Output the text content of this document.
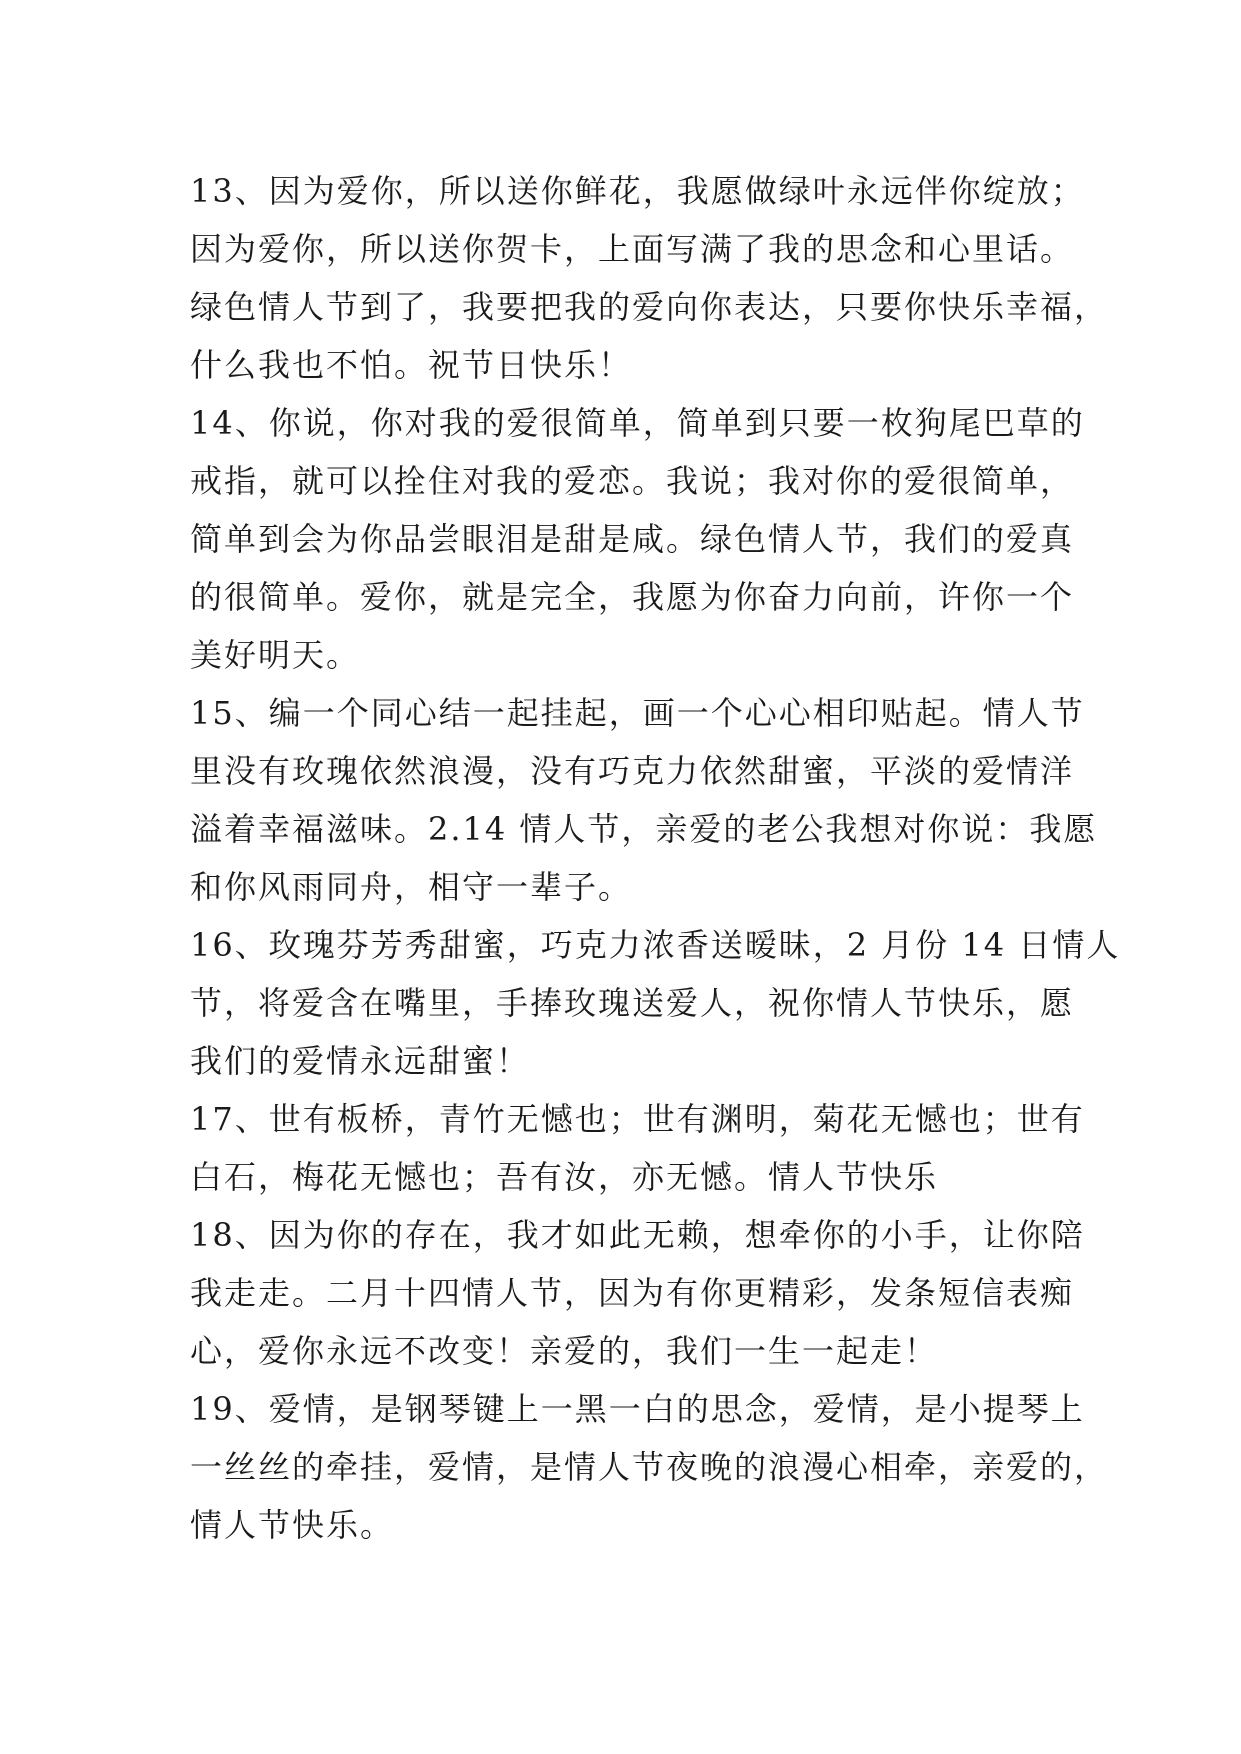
13、因为爱你，所以送你鲜花，我愿做绿叶永远伴你绽放；
因为爱你，所以送你贺卡，上面写满了我的思念和心里话。
绿色情人节到了，我要把我的爱向你表达，只要你快乐幸福，
什么我也不怕。祝节日快乐！
14、你说，你对我的爱很简单，简单到只要一枚狗尾巴草的
戒指，就可以拴住对我的爱恋。我说；我对你的爱很简单，
简单到会为你品尝眼泪是甜是咸。绿色情人节，我们的爱真
的很简单。爱你，就是完全，我愿为你奋力向前，许你一个
美好明天。
15、编一个同心结一起挂起，画一个心心相印贴起。情人节
里没有玫瑰依然浪漫，没有巧克力依然甜蜜，平淡的爱情洋
溢着幸福滋味。2.14 情人节，亲爱的老公我想对你说：我愿
和你风雨同舟，相守一辈子。
16、玫瑰芬芳秀甜蜜，巧克力浓香送暧昧，2 月份 14 日情人
节，将爱含在嘴里，手捧玫瑰送爱人，祝你情人节快乐，愿
我们的爱情永远甜蜜！
17、世有板桥，青竹无憾也；世有渊明，菊花无憾也；世有
白石，梅花无憾也；吾有汝，亦无憾。情人节快乐
18、因为你的存在，我才如此无赖，想牵你的小手，让你陪
我走走。二月十四情人节，因为有你更精彩，发条短信表痴
心，爱你永远不改变！亲爱的，我们一生一起走！
19、爱情，是钢琴键上一黑一白的思念，爱情，是小提琴上
一丝丝的牵挂，爱情，是情人节夜晚的浪漫心相牵，亲爱的，
情人节快乐。
